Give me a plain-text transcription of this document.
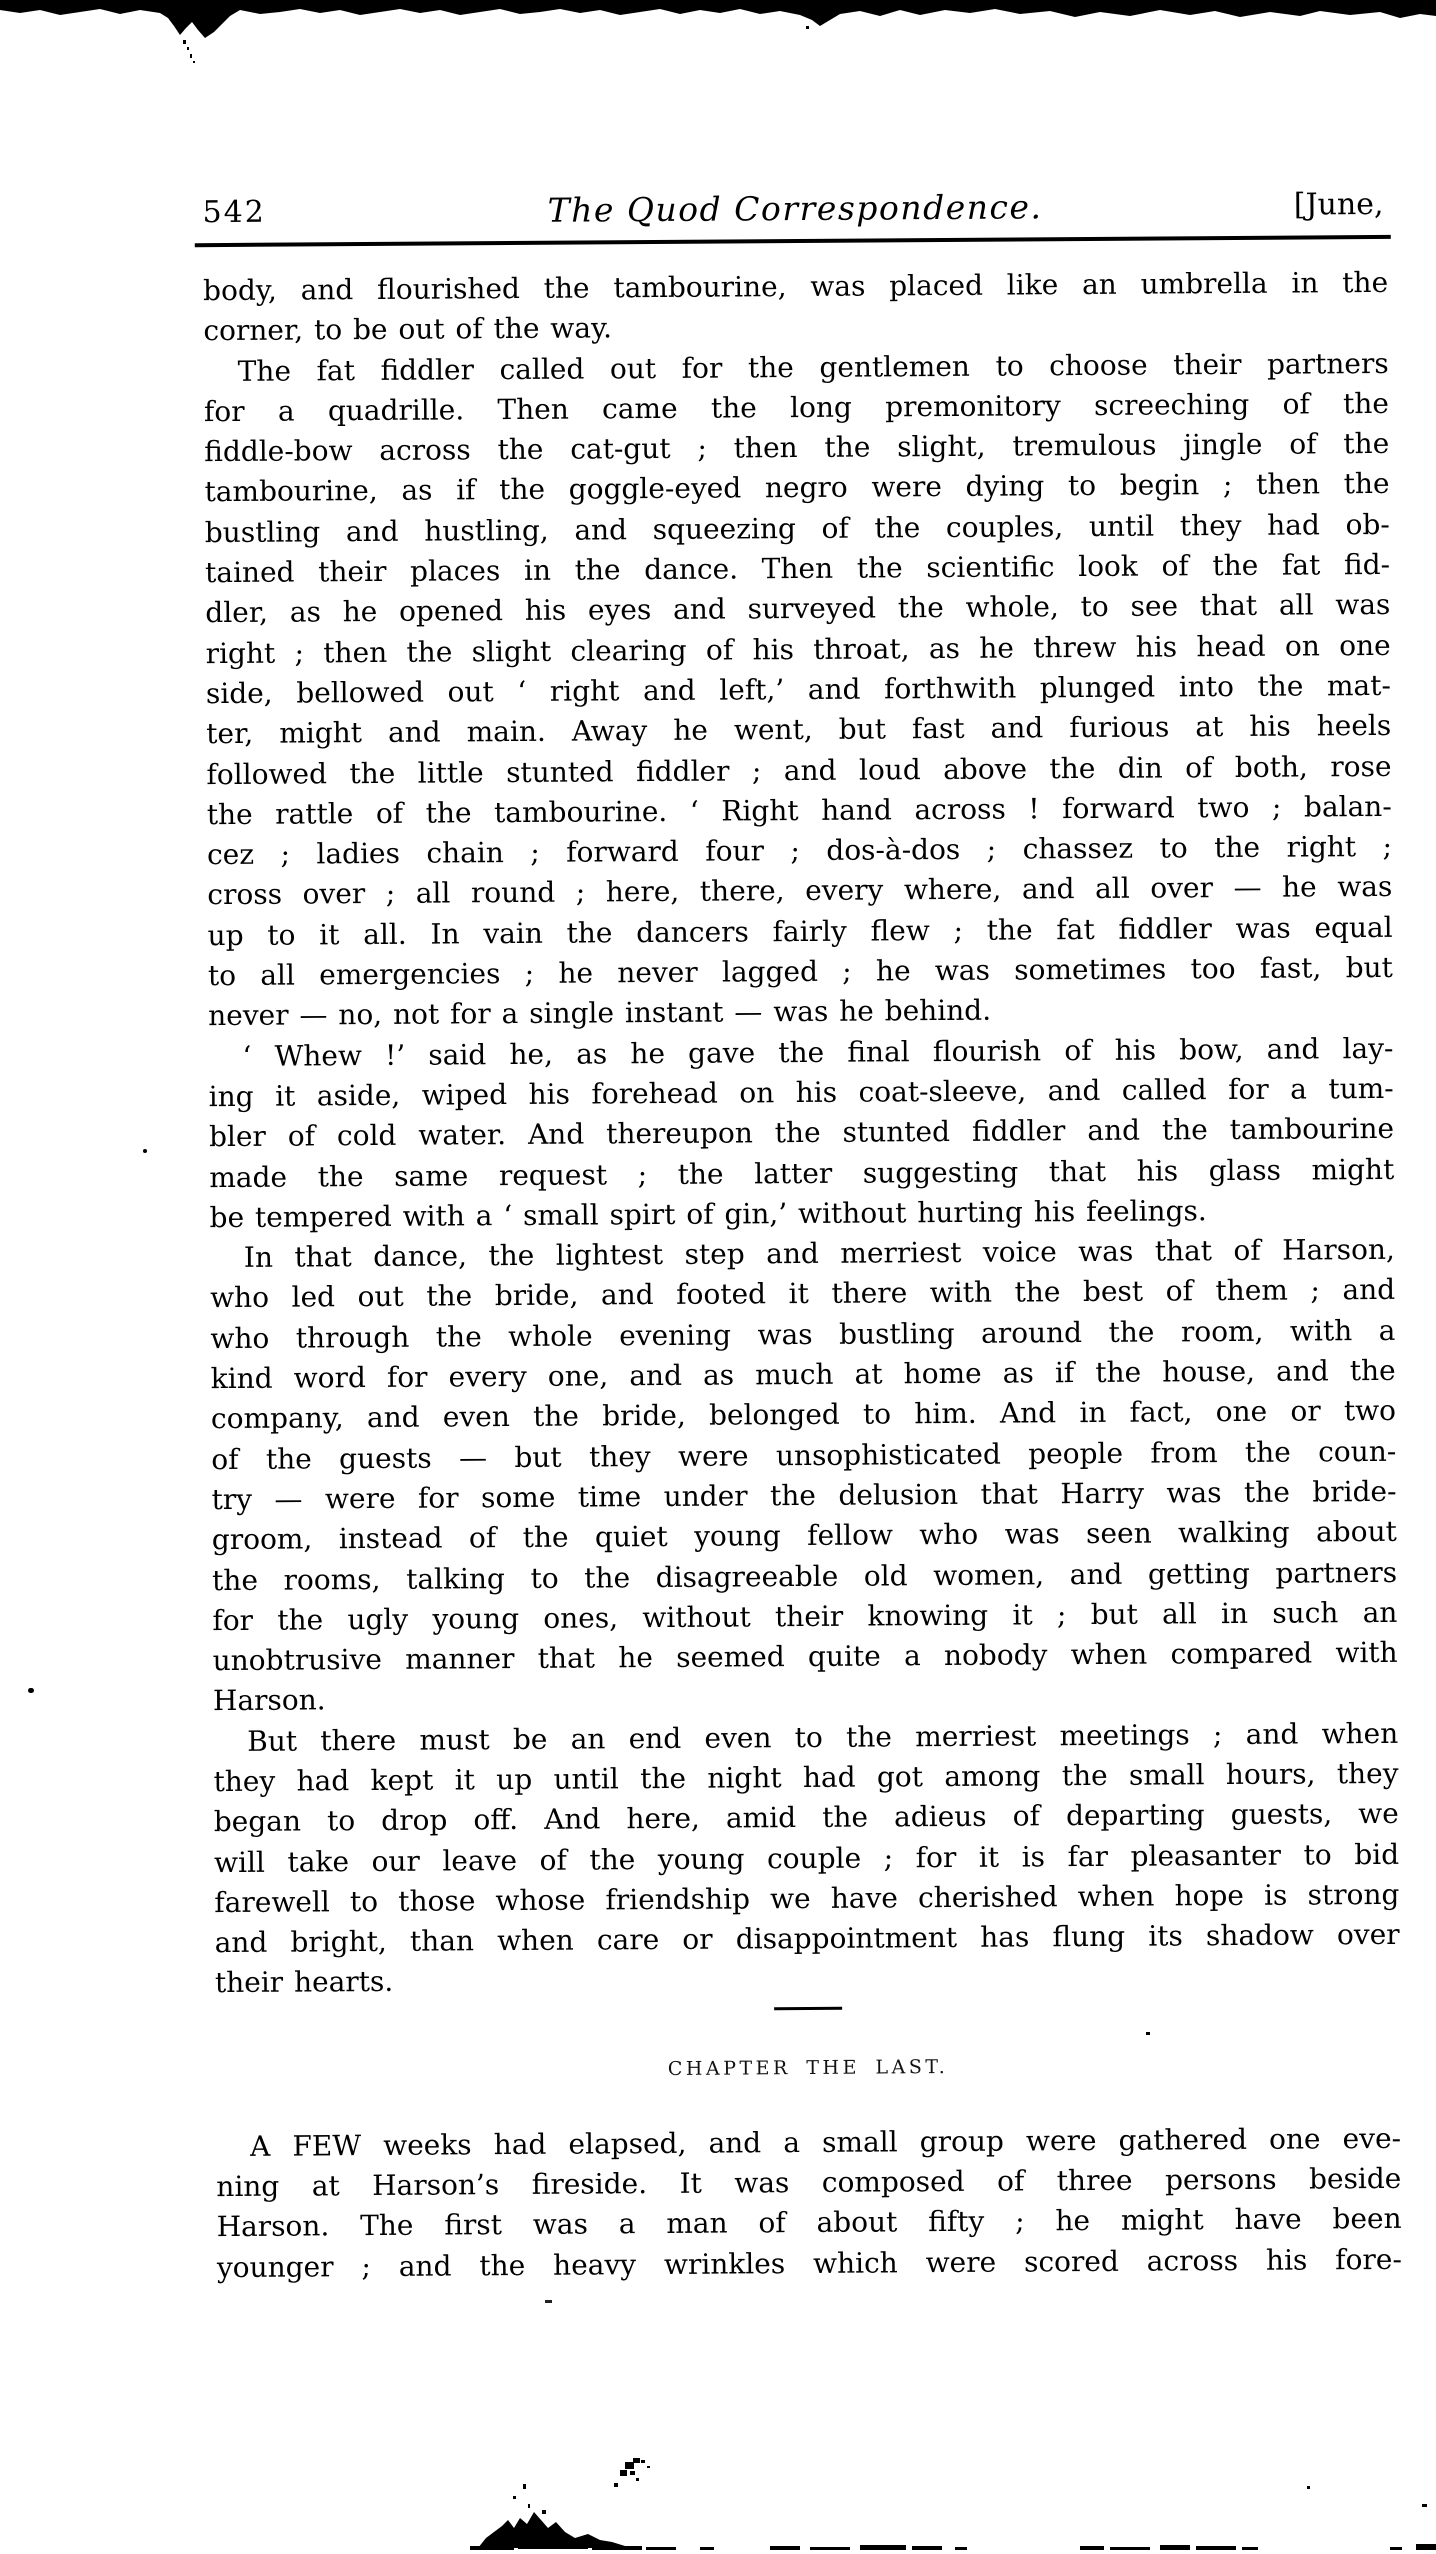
542	The Quod Correspondence.	[June,
body, and flourished the tambourine, was placed like an umbrella in the
corner, to be out of the way.
The fat fiddler called out for the gentlemen to choose their partners
for a quadrille. Then came the long premonitory screeching of the
fiddle-bow across the cat-gut ; then the slight, tremulous jingle of the
tambourine, as if the goggle-eyed negro were dying to begin ; then the
bustling and hustling, and squeezing of the couples, until they had ob-
tained their places in the dance. Then the scientific look of the fat fid-
dler, as he opened his eyes and surveyed the whole, to see that all was
right ; then the slight clearing of his throat, as he threw his head on one
side, bellowed out ‘ right and left,’ and forthwith plunged into the mat-
ter, might and main. Away he went, but fast and furious at his heels
followed the little stunted fiddler ; and loud above the din of both, rose
the rattle of the tambourine. ‘ Right hand across ! forward two ; balan-
cez ; ladies chain ; forward four ; dos-à-dos ; chassez to the right ;
cross over ; all round ; here, there, every where, and all over — he was
up to it all. In vain the dancers fairly flew ; the fat fiddler was equal
to all emergencies ; he never lagged ; he was sometimes too fast, but
never — no, not for a single instant — was he behind.
‘ Whew !’ said he, as he gave the final flourish of his bow, and lay-
ing it aside, wiped his forehead on his coat-sleeve, and called for a tum-
bler of cold water. And thereupon the stunted fiddler and the tambourine
made the same request ; the latter suggesting that his glass might
be tempered with a ‘ small spirt of gin,’ without hurting his feelings.
In that dance, the lightest step and merriest voice was that of Harson,
who led out the bride, and footed it there with the best of them ; and
who through the whole evening was bustling around the room, with a
kind word for every one, and as much at home as if the house, and the
company, and even the bride, belonged to him. And in fact, one or two
of the guests — but they were unsophisticated people from the coun-
try — were for some time under the delusion that Harry was the bride-
groom, instead of the quiet young fellow who was seen walking about
the rooms, talking to the disagreeable old women, and getting partners
for the ugly young ones, without their knowing it ; but all in such an
unobtrusive manner that he seemed quite a nobody when compared with
Harson.
But there must be an end even to the merriest meetings ; and when
they had kept it up until the night had got among the small hours, they
began to drop off. And here, amid the adieus of departing guests, we
will take our leave of the young couple ; for it is far pleasanter to bid
farewell to those whose friendship we have cherished when hope is strong
and bright, than when care or disappointment has flung its shadow over
their hearts.
CHAPTER THE LAST.
A FEW weeks had elapsed, and a small group were gathered one eve-
ning at Harson’s fireside. It was composed of three persons beside
Harson. The first was a man of about fifty ; he might have been
younger ; and the heavy wrinkles which were scored across his fore-
